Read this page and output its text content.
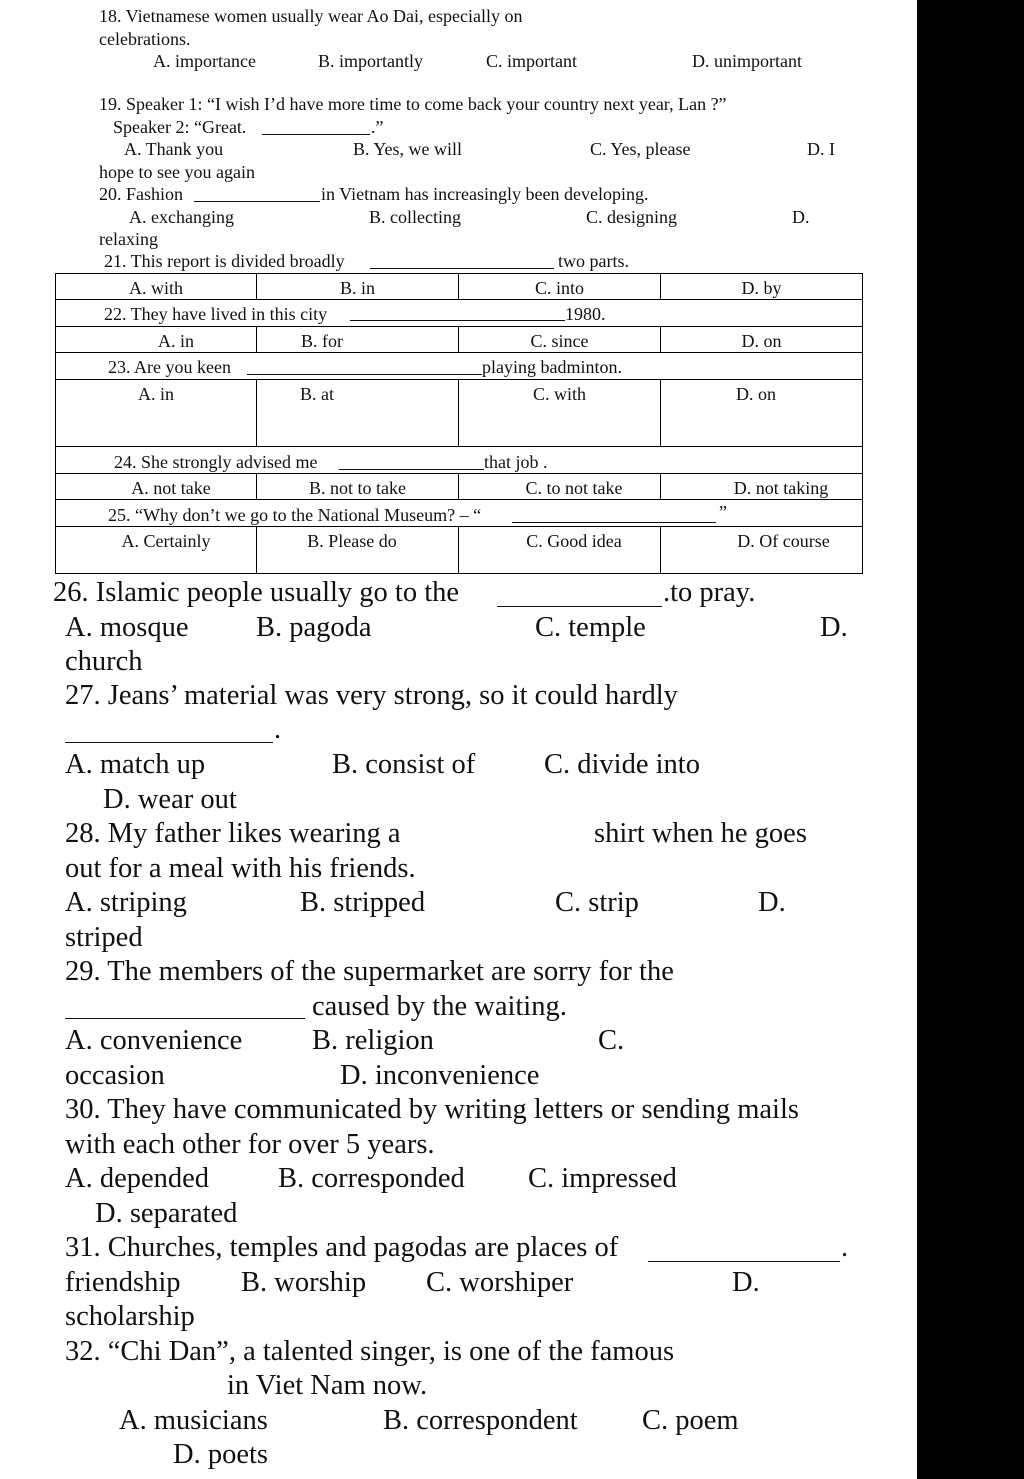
18. Vietnamese women usually wear Ao Dai, especially on
celebrations.
A. importance	B. importantly	C. important	D. unimportant
19. Speaker 1: “I wish I’d have more time to come back your country next year, Lan ?”
Speaker 2: “Great.	.”
A. Thank you	B. Yes, we will	C. Yes, please	D. I
hope to see you again
20. Fashion	in Vietnam has increasingly been developing.
A. exchanging	B. collecting	C. designing	D.
relaxing
21. This report is divided broadly	two parts.
A. with	B. in	C. into	D. by
22. They have lived in this city	1980.
A. in	B. for	C. since	D. on
23. Are you keen	playing badminton.
A. in	B. at	C. with	D. on
24. She strongly advised me	that job .
A. not take	B. not to take	C. to not take	D. not taking
25. “Why don’t we go to the National Museum? – “	”
A. Certainly	B. Please do	C. Good idea	D. Of course
26. Islamic people usually go to the	.to pray.
A. mosque B. pagoda	C. temple	D.
church
27. Jeans’ material was very strong, so it could hardly
.
A. match up	B. consist of C. divide into
D. wear out
28. My father likes wearing a	shirt when he goes
out for a meal with his friends.
A. striping	B. stripped	C. strip	D.
striped
29. The members of the supermarket are sorry for the
caused by the waiting.
A. convenience B. religion	C.
occasion	D. inconvenience
30. They have communicated by writing letters or sending mails
with each other for over 5 years.
A. depended B. corresponded C. impressed
D. separated
31. Churches, temples and pagodas are places of	.
friendship B. worship C. worshiper	D.
scholarship
32. “Chi Dan”, a talented singer, is one of the famous
in Viet Nam now.
A. musicians	B. correspondent C. poem
D. poets
